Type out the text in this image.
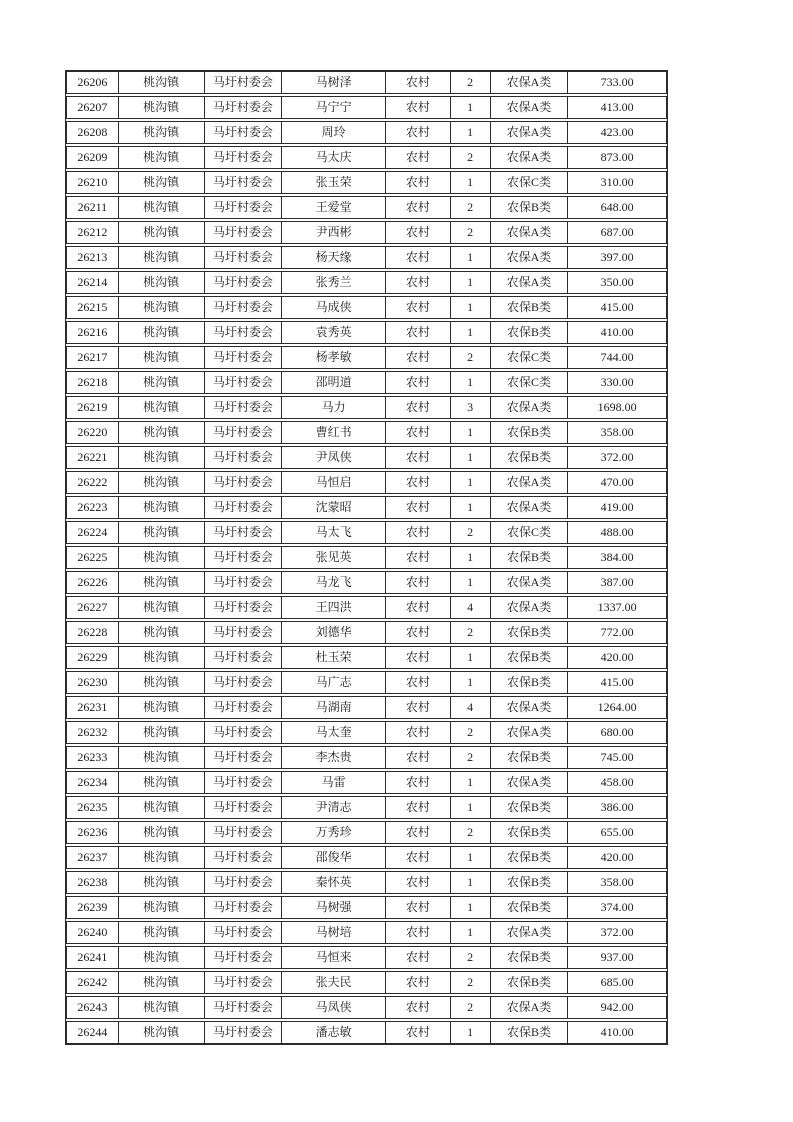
26206	桃沟镇	马圩村委会	马树泽	农村	2	农保A类	733.00
26207	桃沟镇	马圩村委会	马宁宁	农村	1	农保A类	413.00
26208	桃沟镇	马圩村委会	周玲	农村	1	农保A类	423.00
26209	桃沟镇	马圩村委会	马太庆	农村	2	农保A类	873.00
26210	桃沟镇	马圩村委会	张玉荣	农村	1	农保C类	310.00
26211	桃沟镇	马圩村委会	王爱堂	农村	2	农保B类	648.00
26212	桃沟镇	马圩村委会	尹西彬	农村	2	农保A类	687.00
26213	桃沟镇	马圩村委会	杨天缘	农村	1	农保A类	397.00
26214	桃沟镇	马圩村委会	张秀兰	农村	1	农保A类	350.00
26215	桃沟镇	马圩村委会	马成侠	农村	1	农保B类	415.00
26216	桃沟镇	马圩村委会	袁秀英	农村	1	农保B类	410.00
26217	桃沟镇	马圩村委会	杨孝敏	农村	2	农保C类	744.00
26218	桃沟镇	马圩村委会	邵明道	农村	1	农保C类	330.00
26219	桃沟镇	马圩村委会	马力	农村	3	农保A类	1698.00
26220	桃沟镇	马圩村委会	曹红书	农村	1	农保B类	358.00
26221	桃沟镇	马圩村委会	尹凤侠	农村	1	农保B类	372.00
26222	桃沟镇	马圩村委会	马恒启	农村	1	农保A类	470.00
26223	桃沟镇	马圩村委会	沈蒙昭	农村	1	农保A类	419.00
26224	桃沟镇	马圩村委会	马太飞	农村	2	农保C类	488.00
26225	桃沟镇	马圩村委会	张见英	农村	1	农保B类	384.00
26226	桃沟镇	马圩村委会	马龙飞	农村	1	农保A类	387.00
26227	桃沟镇	马圩村委会	王四洪	农村	4	农保A类	1337.00
26228	桃沟镇	马圩村委会	刘德华	农村	2	农保B类	772.00
26229	桃沟镇	马圩村委会	杜玉荣	农村	1	农保B类	420.00
26230	桃沟镇	马圩村委会	马广志	农村	1	农保B类	415.00
26231	桃沟镇	马圩村委会	马湖南	农村	4	农保A类	1264.00
26232	桃沟镇	马圩村委会	马太奎	农村	2	农保A类	680.00
26233	桃沟镇	马圩村委会	李杰贵	农村	2	农保B类	745.00
26234	桃沟镇	马圩村委会	马雷	农村	1	农保A类	458.00
26235	桃沟镇	马圩村委会	尹清志	农村	1	农保B类	386.00
26236	桃沟镇	马圩村委会	万秀珍	农村	2	农保B类	655.00
26237	桃沟镇	马圩村委会	邵俊华	农村	1	农保B类	420.00
26238	桃沟镇	马圩村委会	秦怀英	农村	1	农保B类	358.00
26239	桃沟镇	马圩村委会	马树强	农村	1	农保B类	374.00
26240	桃沟镇	马圩村委会	马树培	农村	1	农保A类	372.00
26241	桃沟镇	马圩村委会	马恒来	农村	2	农保B类	937.00
26242	桃沟镇	马圩村委会	张夫民	农村	2	农保B类	685.00
26243	桃沟镇	马圩村委会	马凤侠	农村	2	农保A类	942.00
26244	桃沟镇	马圩村委会	潘志敏	农村	1	农保B类	410.00
